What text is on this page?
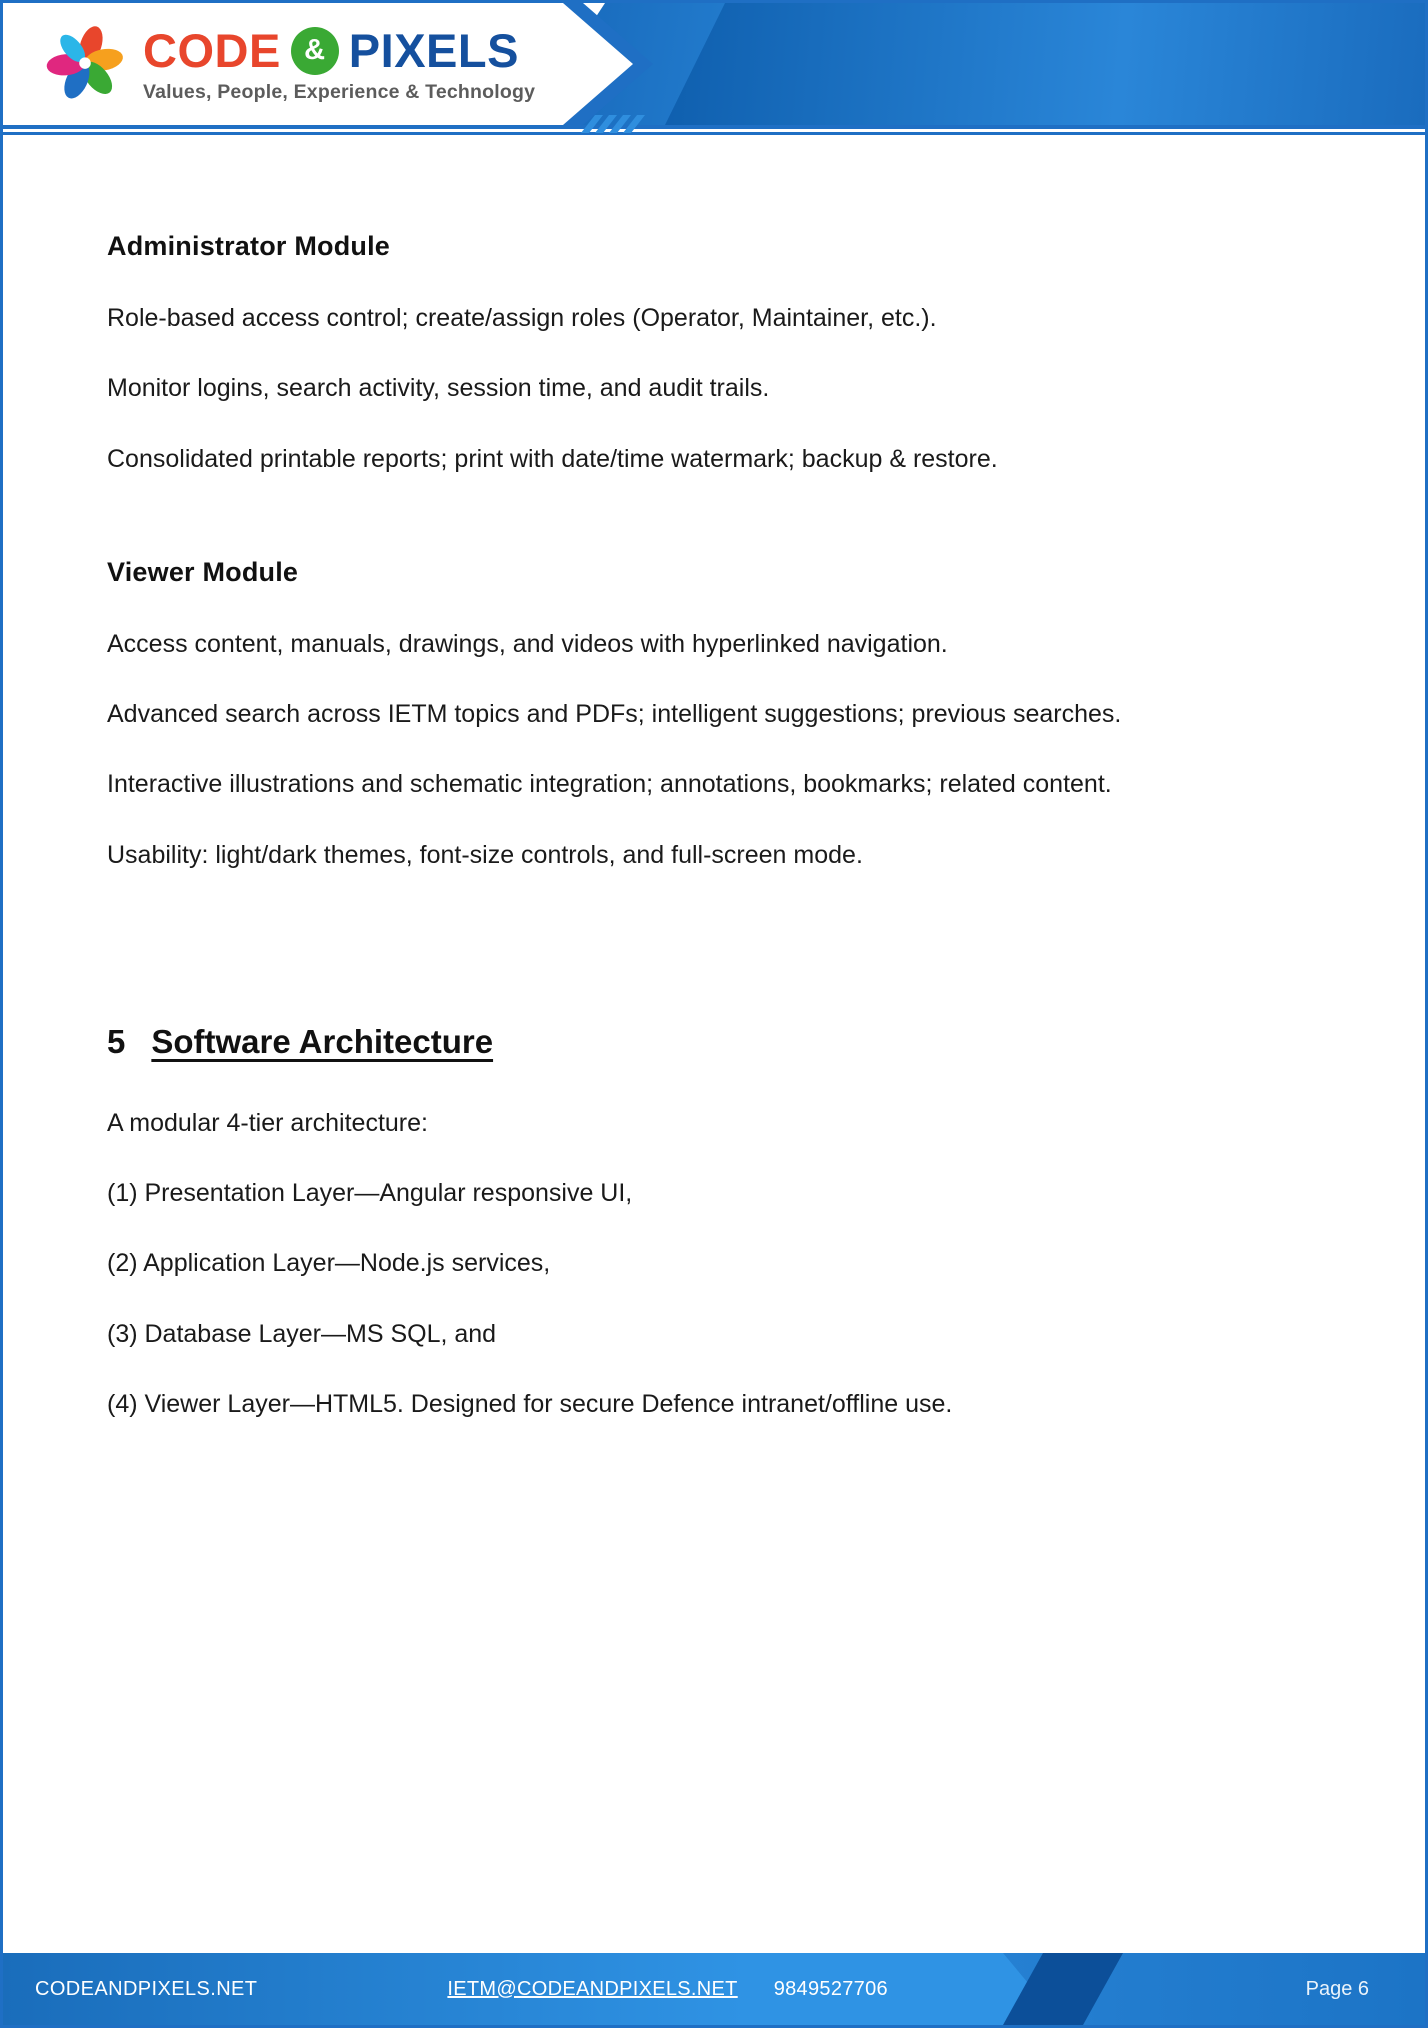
CODE & PIXELS
Values, People, Experience & Technology
Administrator Module

Role-based access control; create/assign roles (Operator, Maintainer, etc.).

Monitor logins, search activity, session time, and audit trails.

Consolidated printable reports; print with date/time watermark; backup & restore.

Viewer Module

Access content, manuals, drawings, and videos with hyperlinked navigation.

Advanced search across IETM topics and PDFs; intelligent suggestions; previous searches.

Interactive illustrations and schematic integration; annotations, bookmarks; related content.

Usability: light/dark themes, font-size controls, and full-screen mode.

5 Software Architecture

A modular 4-tier architecture:

(1) Presentation Layer—Angular responsive UI,

(2) Application Layer—Node.js services,

(3) Database Layer—MS SQL, and

(4) Viewer Layer—HTML5. Designed for secure Defence intranet/offline use.

CODEANDPIXELS.NET	IETM@CODEANDPIXELS.NET 9849527706	Page 6
